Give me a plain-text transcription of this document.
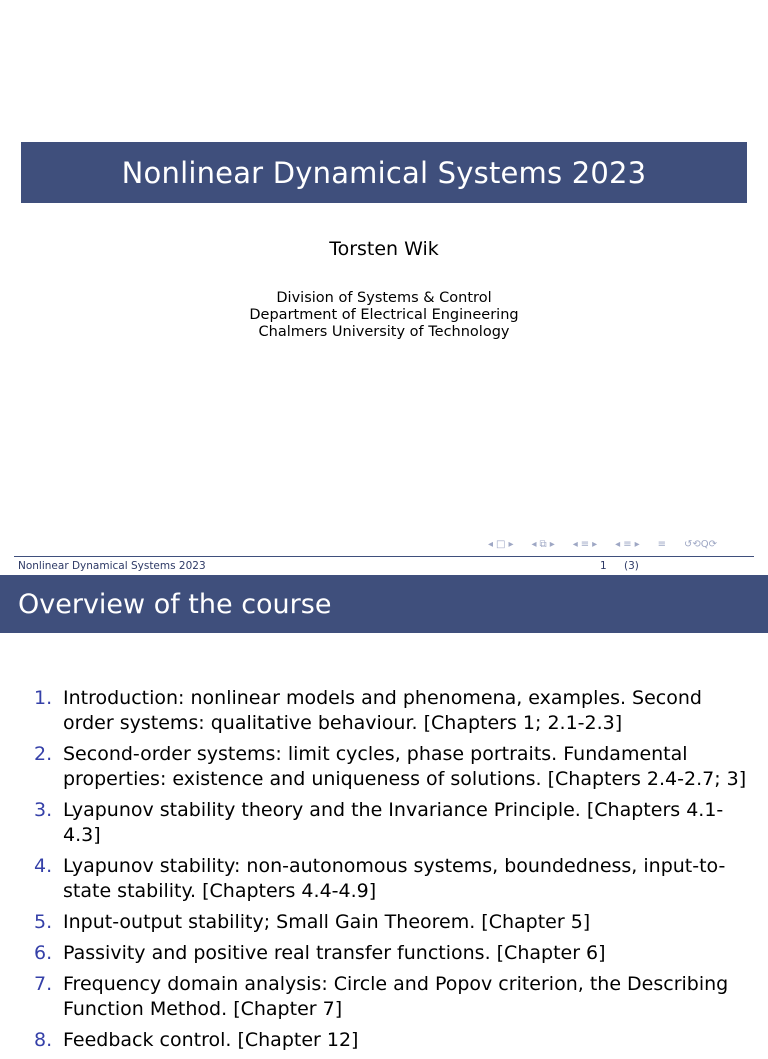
Nonlinear Dynamical Systems 2023
Torsten Wik
Division of Systems & Control
Department of Electrical Engineering
Chalmers University of Technology
◂ □ ▸ ◂ ⧉ ▸ ◂ ≡ ▸ ◂ ≡ ▸ ≡ ↺⟲Q⟳
Nonlinear Dynamical Systems 2023	1 (3)
Overview of the course
1. Introduction: nonlinear models and phenomena, examples. Second order systems: qualitative behaviour. [Chapters 1; 2.1-2.3]
2. Second-order systems: limit cycles, phase portraits. Fundamental properties: existence and uniqueness of solutions. [Chapters 2.4-2.7; 3]
3. Lyapunov stability theory and the Invariance Principle. [Chapters 4.1-4.3]
4. Lyapunov stability: non-autonomous systems, boundedness, input-to-state stability. [Chapters 4.4-4.9]
5. Input-output stability; Small Gain Theorem. [Chapter 5]
6. Passivity and positive real transfer functions. [Chapter 6]
7. Frequency domain analysis: Circle and Popov criterion, the Describing Function Method. [Chapter 7]
8. Feedback control. [Chapter 12]
